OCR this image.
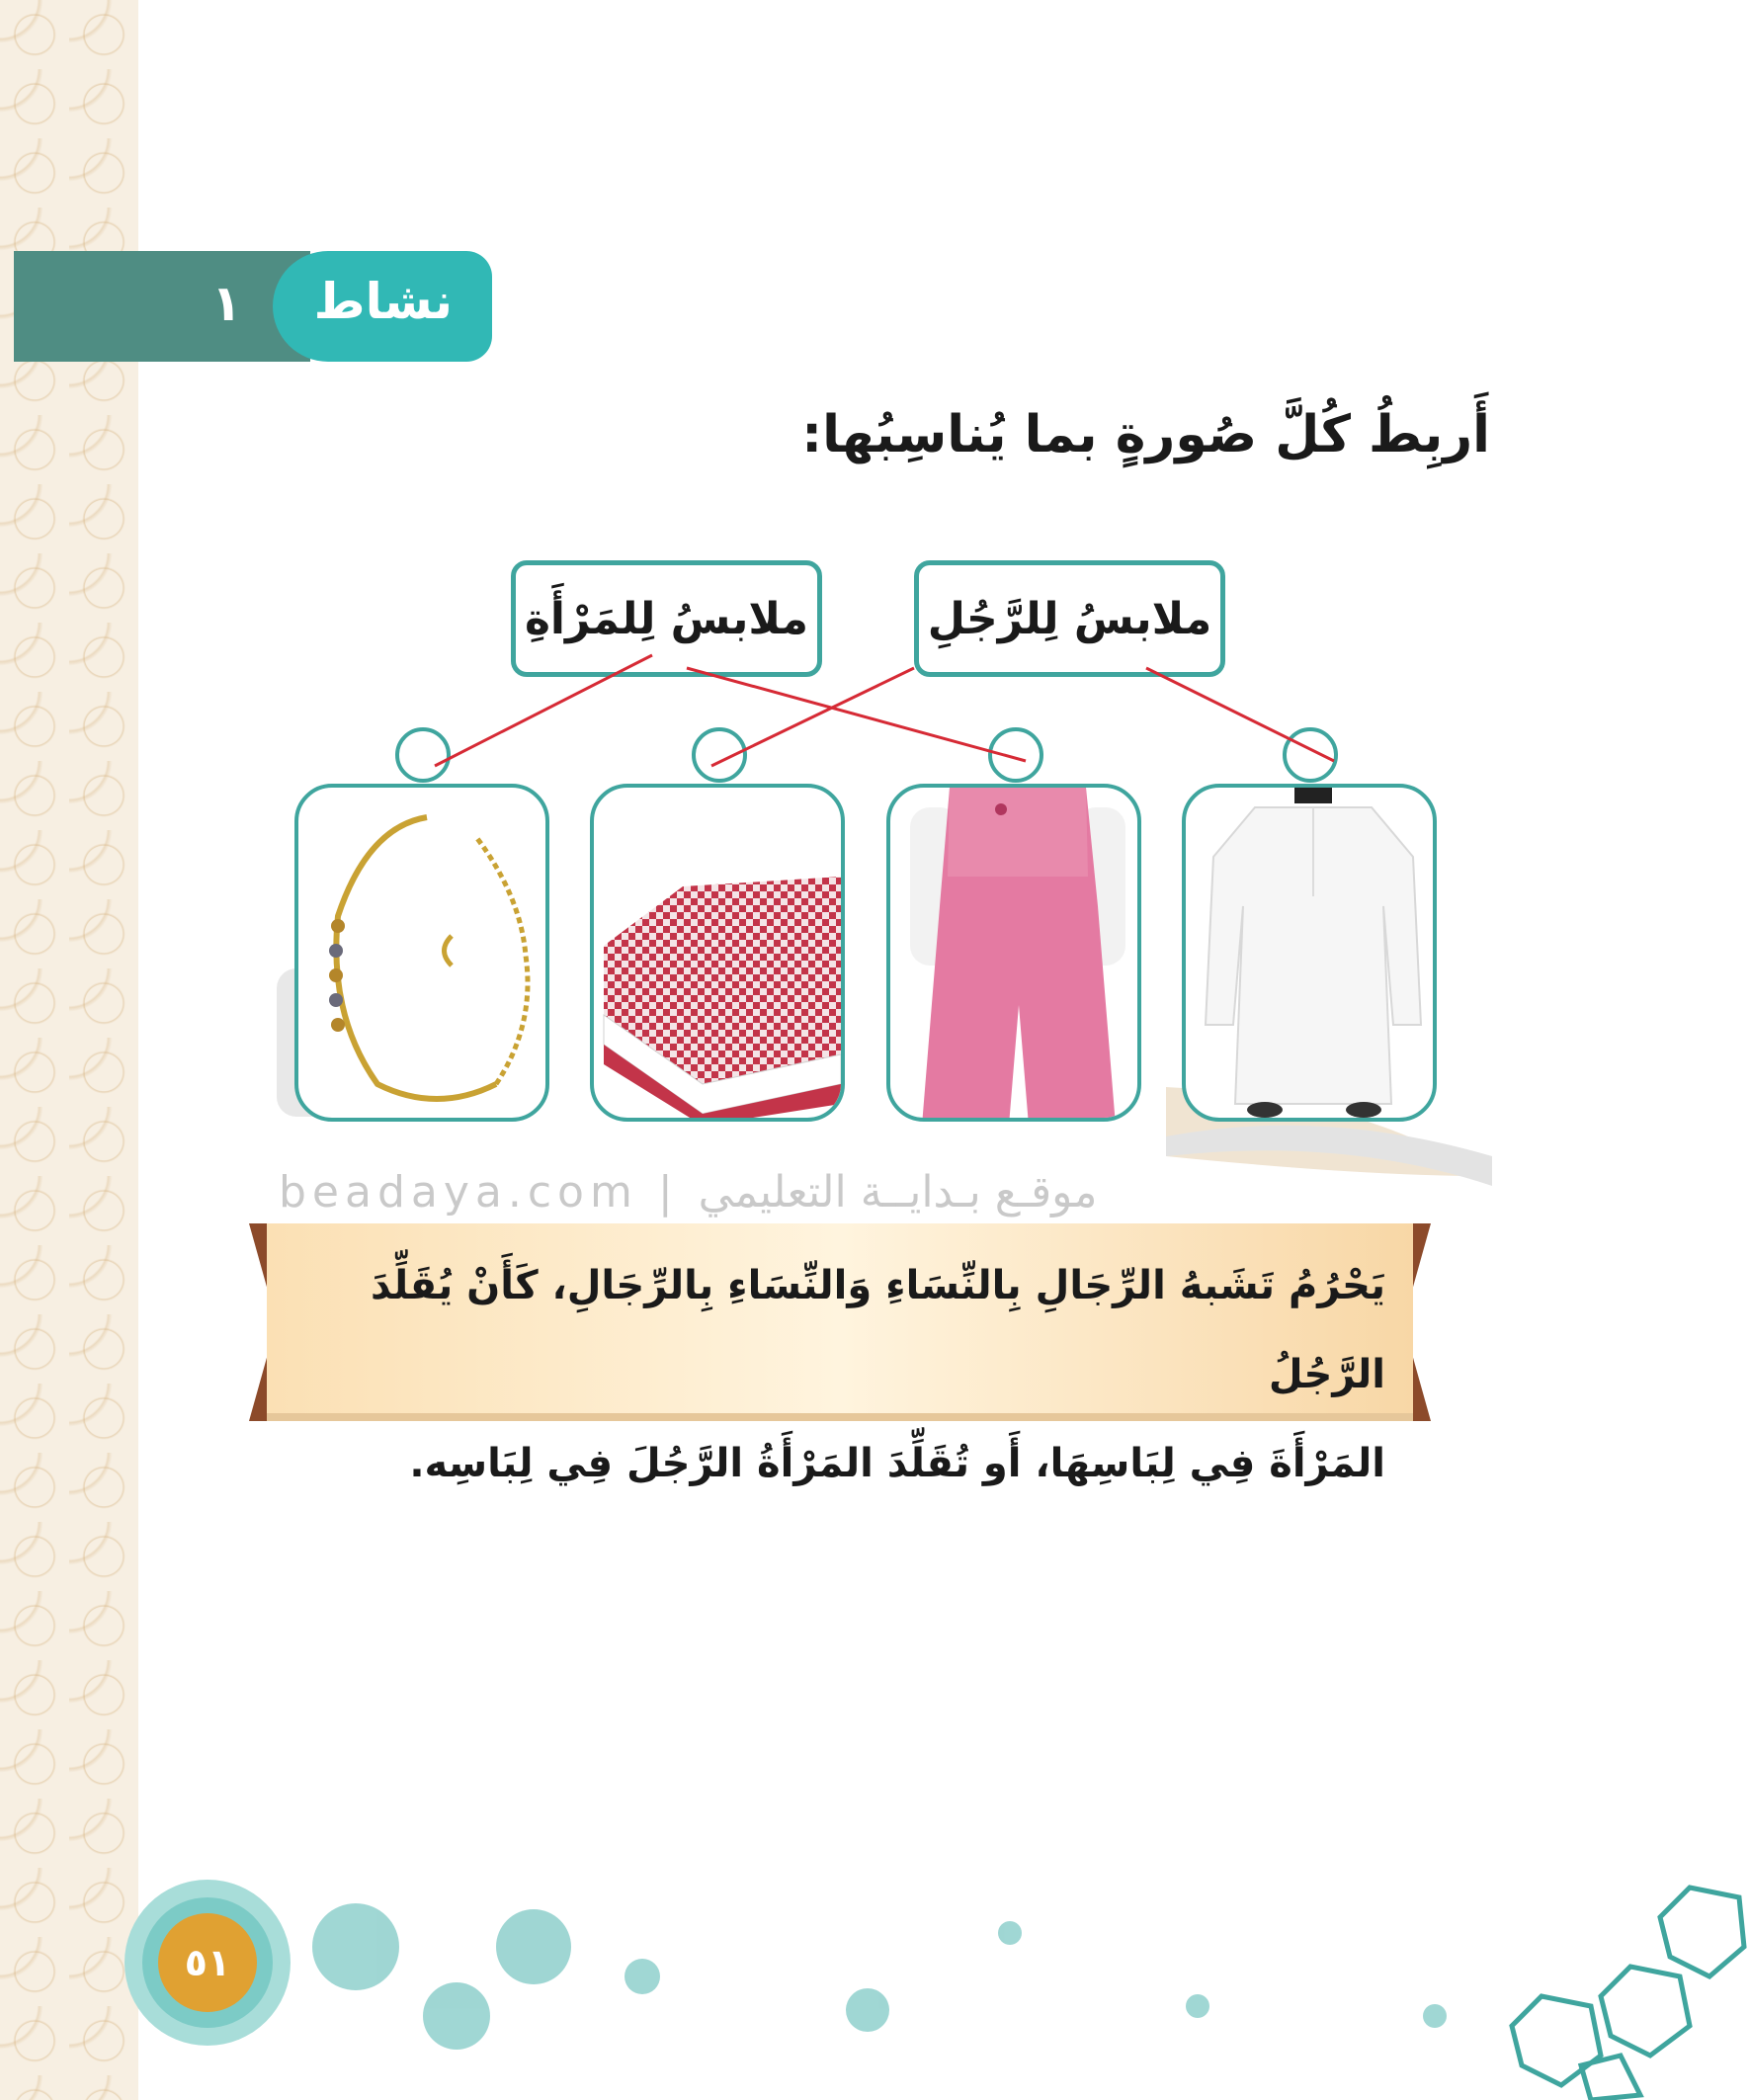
١ نشاط
أَربِطُ كُلَّ صُورةٍ بما يُناسِبُها:
ملابسُ لِلرَّجُلِ
ملابسُ لِلمَرْأَةِ
beadaya.com | موقـع بـدايــة التعليمي
يَحْرُمُ تَشَبهُ الرِّجَالِ بِالنِّسَاءِ وَالنِّسَاءِ بِالرِّجَالِ، كَأَنْ يُقَلِّدَ الرَّجُلُ
المَرْأَةَ فِي لِبَاسِهَا، أَو تُقَلِّدَ المَرْأَةُ الرَّجُلَ فِي لِبَاسِه.
٥١
